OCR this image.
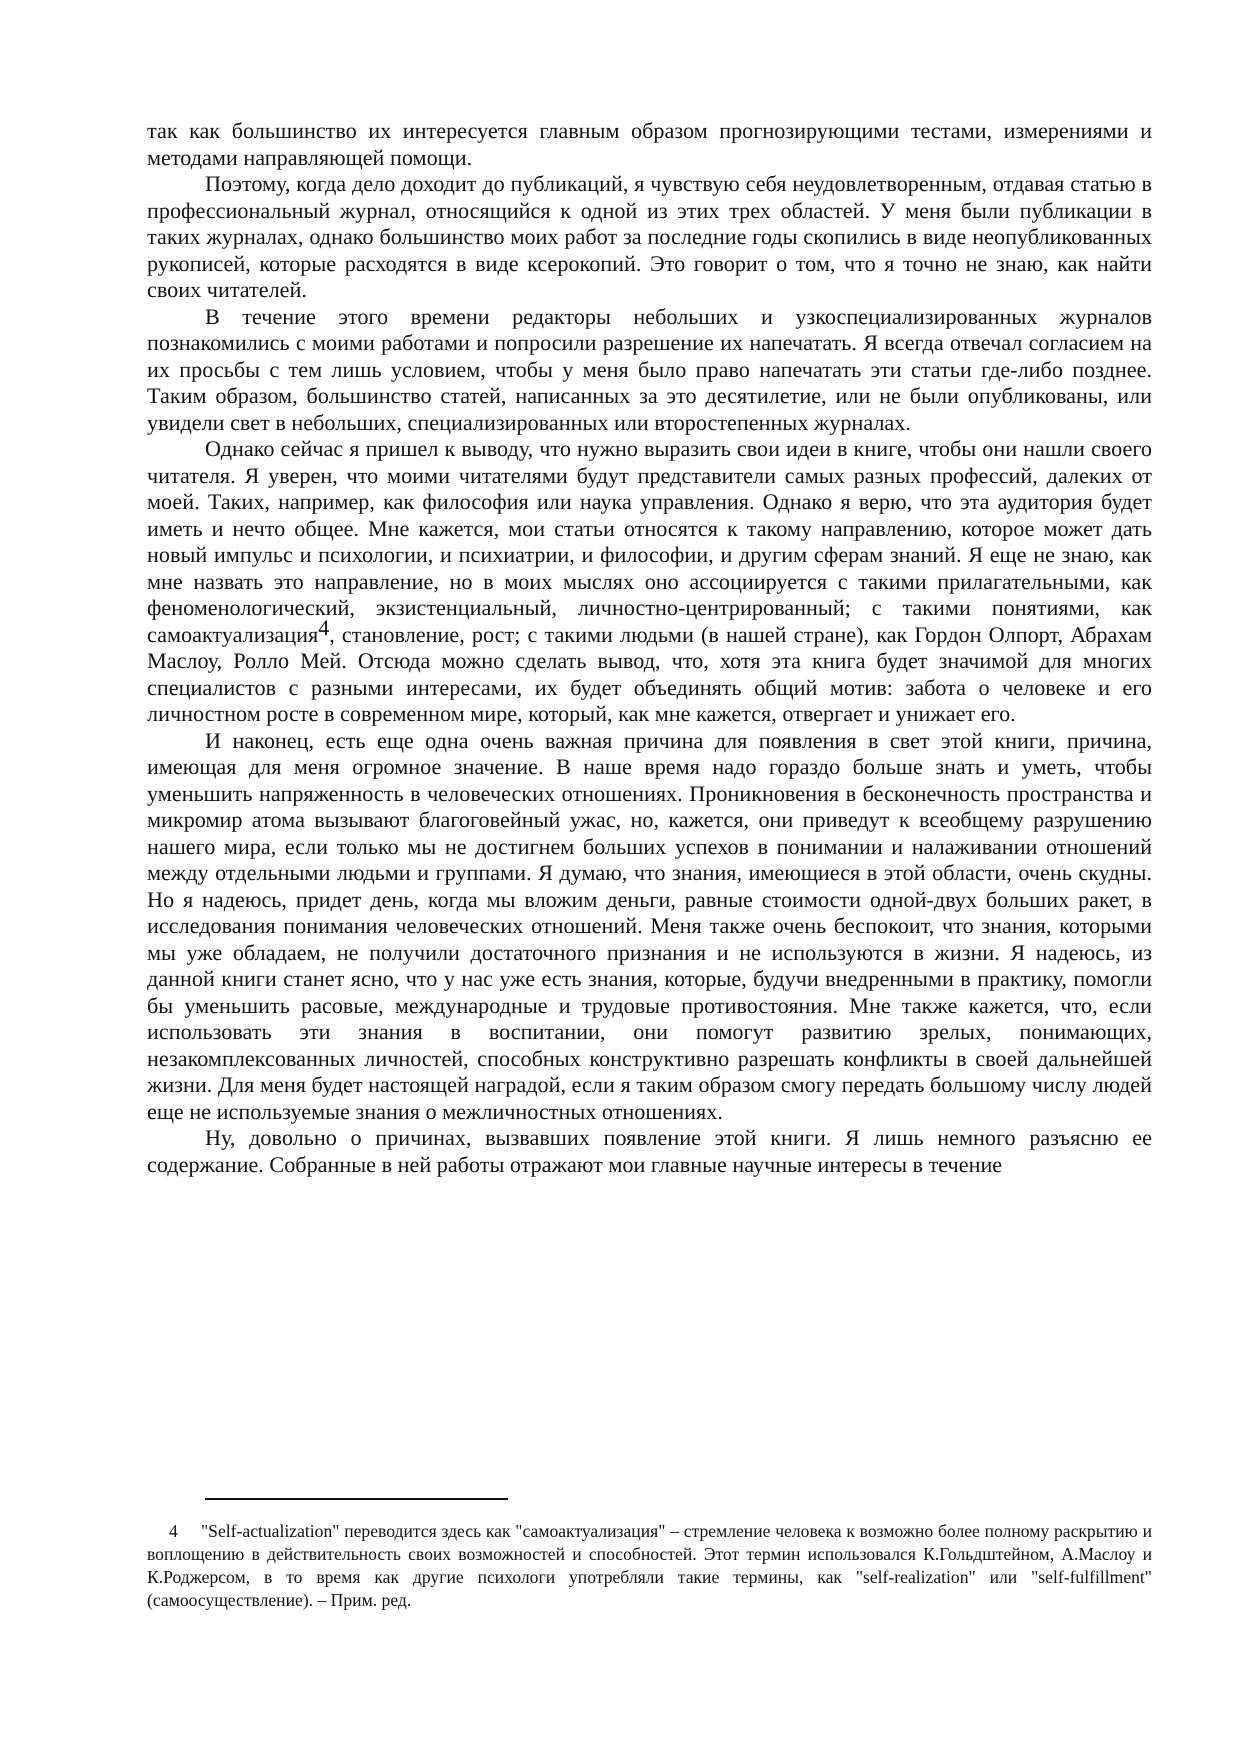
так как большинство их интересуется главным образом прогнозирующими тестами, измерениями и методами направляющей помощи.

Поэтому, когда дело доходит до публикаций, я чувствую себя неудовлетворенным, отдавая статью в профессиональный журнал, относящийся к одной из этих трех областей. У меня были публикации в таких журналах, однако большинство моих работ за последние годы скопились в виде неопубликованных рукописей, которые расходятся в виде ксерокопий. Это говорит о том, что я точно не знаю, как найти своих читателей.

В течение этого времени редакторы небольших и узкоспециализированных журналов познакомились с моими работами и попросили разрешение их напечатать. Я всегда отвечал согласием на их просьбы с тем лишь условием, чтобы у меня было право напечатать эти статьи где-либо позднее. Таким образом, большинство статей, написанных за это десятилетие, или не были опубликованы, или увидели свет в небольших, специализированных или второстепенных журналах.

Однако сейчас я пришел к выводу, что нужно выразить свои идеи в книге, чтобы они нашли своего читателя. Я уверен, что моими читателями будут представители самых разных профессий, далеких от моей. Таких, например, как философия или наука управления. Однако я верю, что эта аудитория будет иметь и нечто общее. Мне кажется, мои статьи относятся к такому направлению, которое может дать новый импульс и психологии, и психиатрии, и философии, и другим сферам знаний. Я еще не знаю, как мне назвать это направление, но в моих мыслях оно ассоциируется с такими прилагательными, как феноменологический, экзистенциальный, личностно-центрированный; с такими понятиями, как самоактуализация$^4$, становление, рост; с такими людьми (в нашей стране), как Гордон Олпорт, Абрахам Маслоу, Ролло Мей. Отсюда можно сделать вывод, что, хотя эта книга будет значимой для многих специалистов с разными интересами, их будет объединять общий мотив: забота о человеке и его личностном росте в современном мире, который, как мне кажется, отвергает и унижает его.

И наконец, есть еще одна очень важная причина для появления в свет этой книги, причина, имеющая для меня огромное значение. В наше время надо гораздо больше знать и уметь, чтобы уменьшить напряженность в человеческих отношениях. Проникновения в бесконечность пространства и микромир атома вызывают благоговейный ужас, но, кажется, они приведут к всеобщему разрушению нашего мира, если только мы не достигнем больших успехов в понимании и налаживании отношений между отдельными людьми и группами. Я думаю, что знания, имеющиеся в этой области, очень скудны. Но я надеюсь, придет день, когда мы вложим деньги, равные стоимости одной-двух больших ракет, в исследования понимания человеческих отношений. Меня также очень беспокоит, что знания, которыми мы уже обладаем, не получили достаточного признания и не используются в жизни. Я надеюсь, из данной книги станет ясно, что у нас уже есть знания, которые, будучи внедренными в практику, помогли бы уменьшить расовые, международные и трудовые противостояния. Мне также кажется, что, если использовать эти знания в воспитании, они помогут развитию зрелых, понимающих, незакомплексованных личностей, способных конструктивно разрешать конфликты в своей дальнейшей жизни. Для меня будет настоящей наградой, если я таким образом смогу передать большому числу людей еще не используемые знания о межличностных отношениях.

Ну, довольно о причинах, вызвавших появление этой книги. Я лишь немного разъясню ее содержание. Собранные в ней работы отражают мои главные научные интересы в течение

4 "Self-actualization" переводится здесь как "самоактуализация" – стремление человека к возможно более полному раскрытию и воплощению в действительность своих возможностей и способностей. Этот термин использовался К.Гольдштейном, А.Маслоу и К.Роджерсом, в то время как другие психологи употребляли такие термины, как "self-realization" или "self-fulfillment" (самоосуществление). – Прим. ред.
